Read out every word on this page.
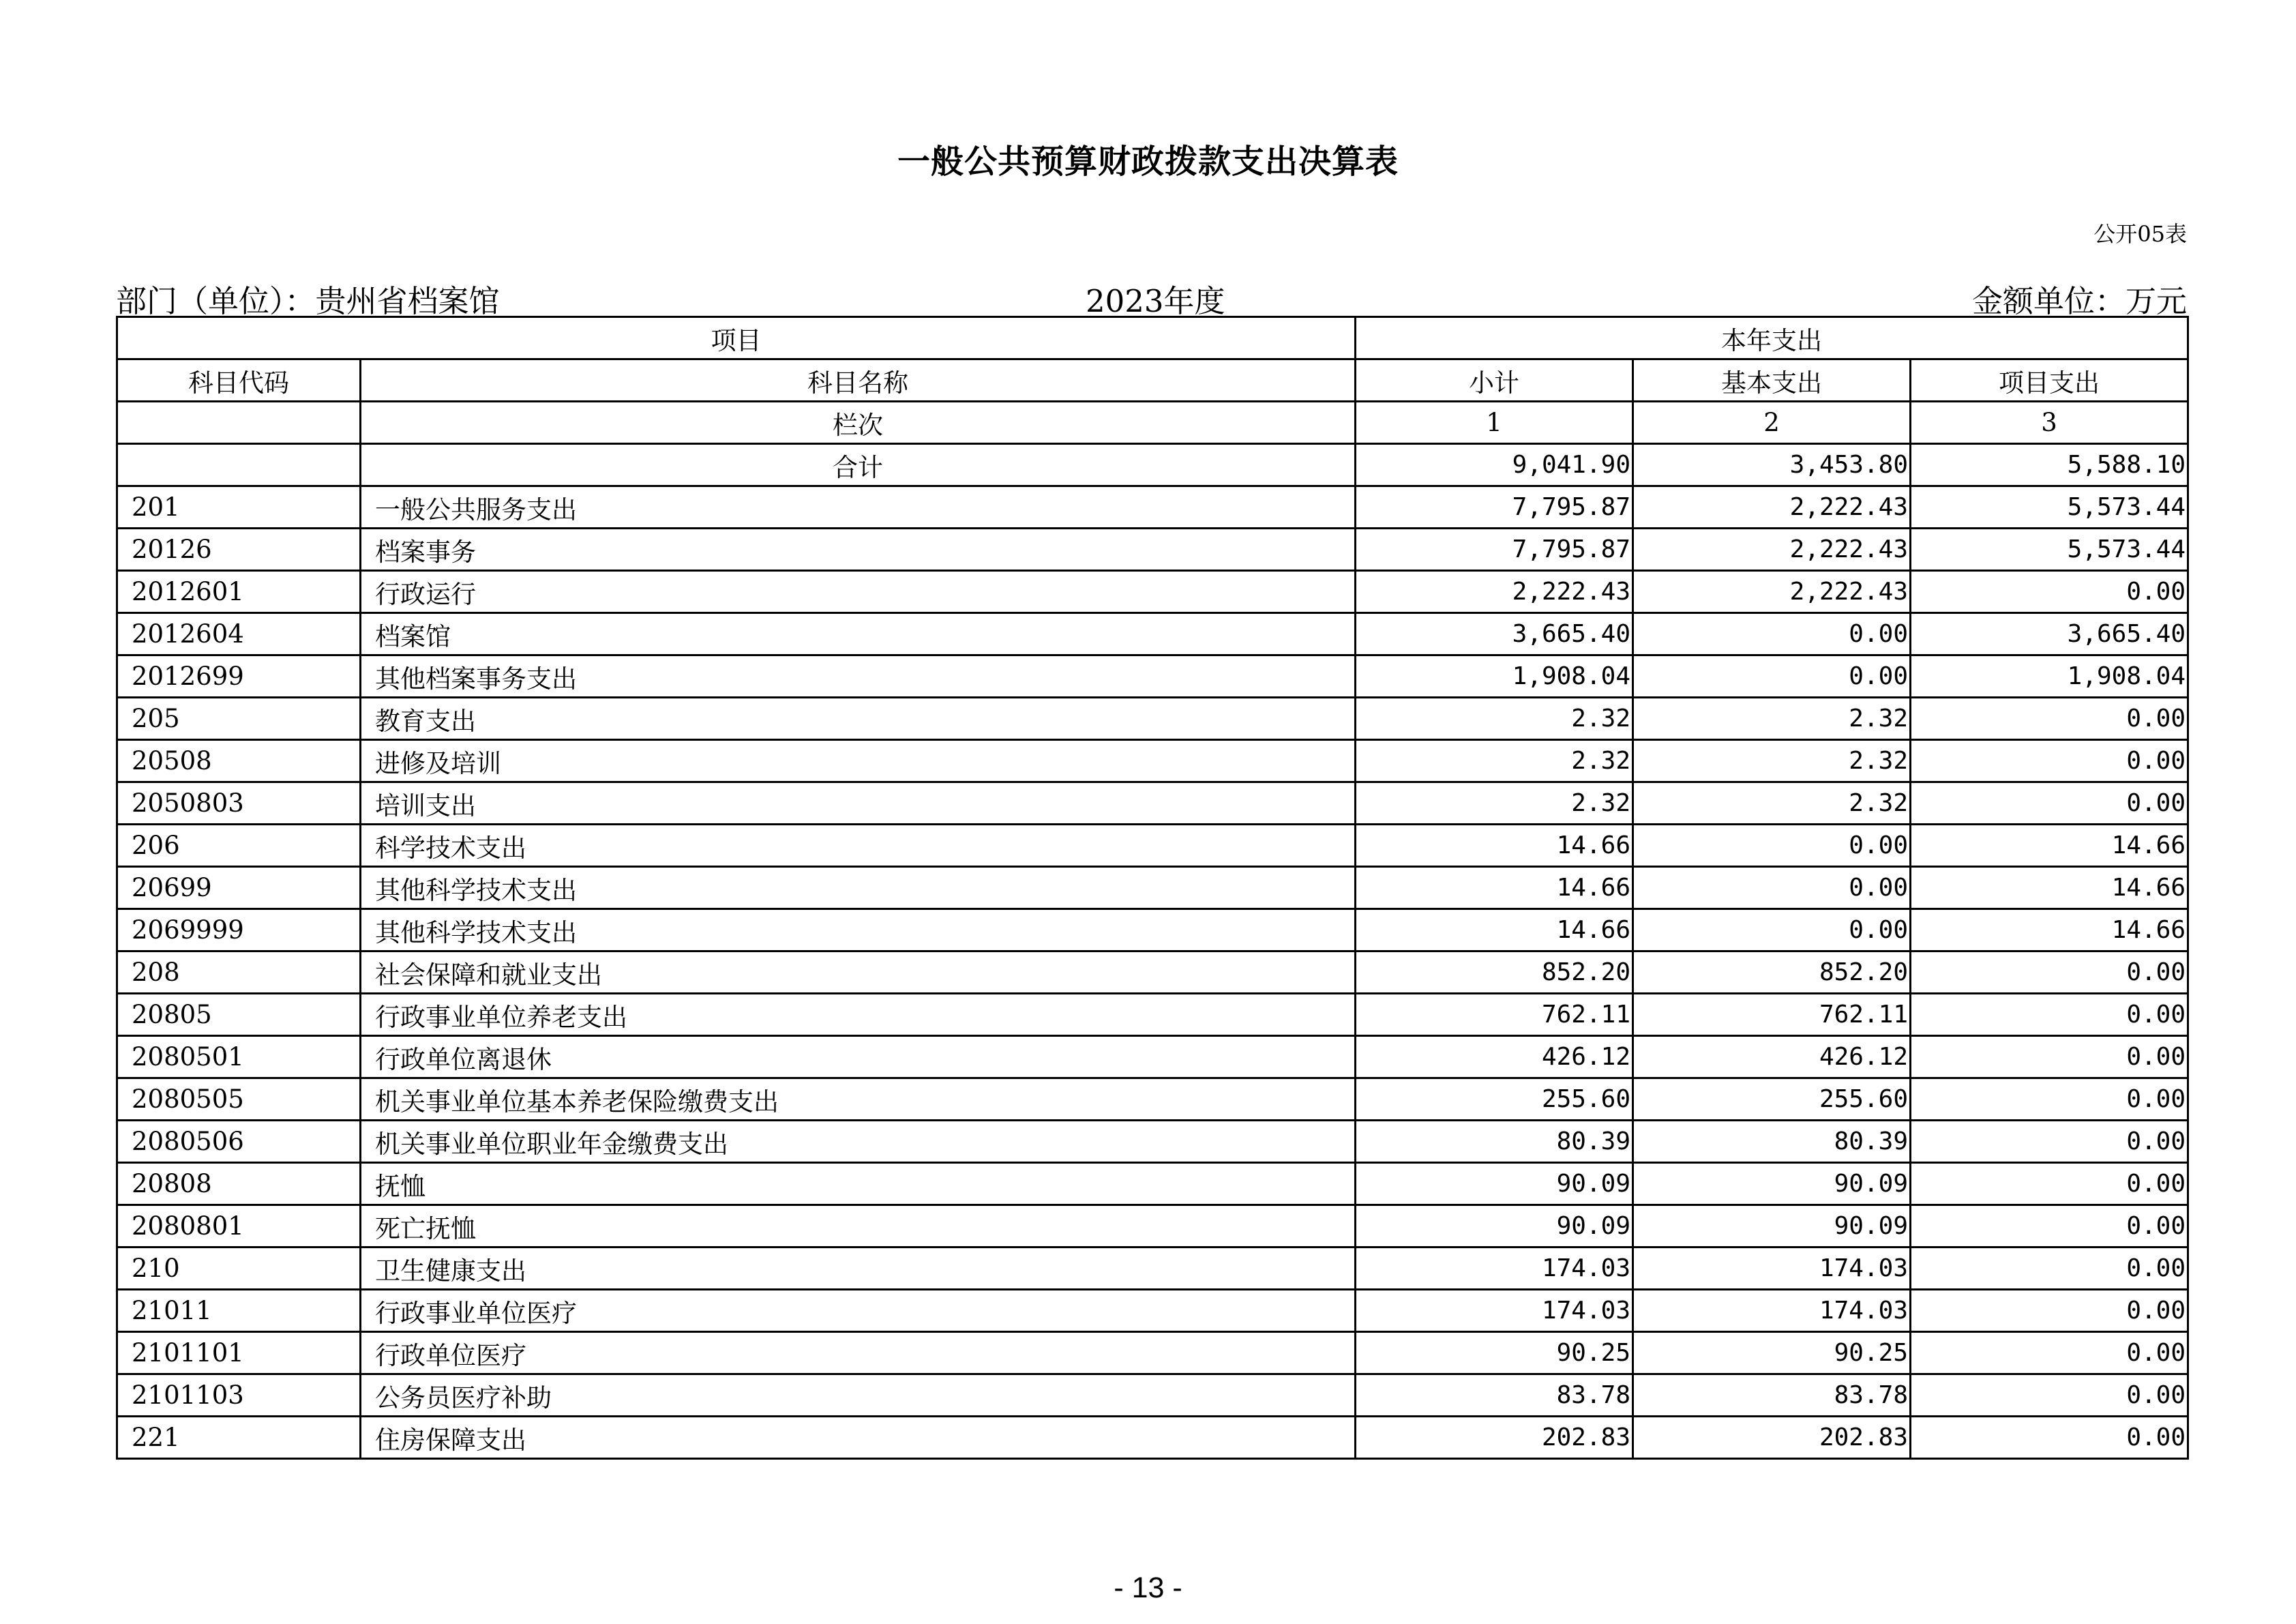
一般公共预算财政拨款支出决算表
公开05表
部门（单位）：贵州省档案馆	2023年度	金额单位：万元
项目		本年支出		
科目代码	科目名称	小计	基本支出	项目支出
	栏次	1	2	3
	合计	9,041.90	3,453.80	5,588.10
201	一般公共服务支出	7,795.87	2,222.43	5,573.44
20126	档案事务	7,795.87	2,222.43	5,573.44
2012601	行政运行	2,222.43	2,222.43	0.00
2012604	档案馆	3,665.40	0.00	3,665.40
2012699	其他档案事务支出	1,908.04	0.00	1,908.04
205	教育支出	2.32	2.32	0.00
20508	进修及培训	2.32	2.32	0.00
2050803	培训支出	2.32	2.32	0.00
206	科学技术支出	14.66	0.00	14.66
20699	其他科学技术支出	14.66	0.00	14.66
2069999	其他科学技术支出	14.66	0.00	14.66
208	社会保障和就业支出	852.20	852.20	0.00
20805	行政事业单位养老支出	762.11	762.11	0.00
2080501	行政单位离退休	426.12	426.12	0.00
2080505	机关事业单位基本养老保险缴费支出	255.60	255.60	0.00
2080506	机关事业单位职业年金缴费支出	80.39	80.39	0.00
20808	抚恤	90.09	90.09	0.00
2080801	死亡抚恤	90.09	90.09	0.00
210	卫生健康支出	174.03	174.03	0.00
21011	行政事业单位医疗	174.03	174.03	0.00
2101101	行政单位医疗	90.25	90.25	0.00
2101103	公务员医疗补助	83.78	83.78	0.00
221	住房保障支出	202.83	202.83	0.00
- 13 -
